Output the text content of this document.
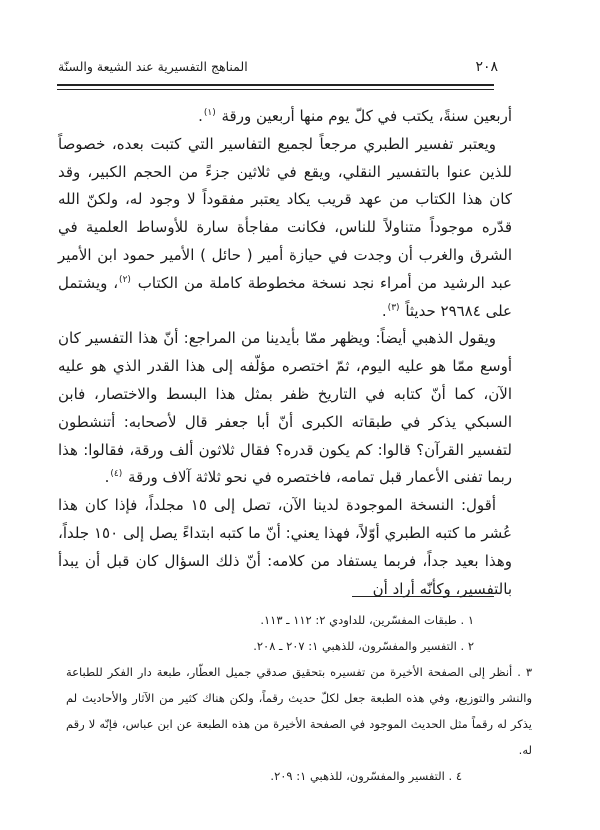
٢٠٨
المناهج التفسيرية عند الشيعة والسنّة

أربعين سنةً، يكتب في كلّ يوم منها أربعين ورقة $^{(١)}$.

ويعتبر تفسير الطبري مرجعاً لجميع التفاسير التي كتبت بعده، خصوصاً للذين عنوا بالتفسير النقلي، ويقع في ثلاثين جزءً من الحجم الكبير، وقد كان هذا الكتاب من عهد قريب يكاد يعتبر مفقوداً لا وجود له، ولكنّ الله قدّره موجوداً متناولاً للناس، فكانت مفاجأة سارة للأوساط العلمية في الشرق والغرب أن وجدت في حيازة أمير ( حائل ) الأمير حمود ابن الأمير عبد الرشيد من أمراء نجد نسخة مخطوطة كاملة من الكتاب $^{(٢)}$، ويشتمل على ٢٩٦٨٤ حديثاً $^{(٣)}$.

ويقول الذهبي أيضاً: ويظهر ممّا بأيدينا من المراجع: أنّ هذا التفسير كان أوسع ممّا هو عليه اليوم، ثمّ اختصره مؤلّفه إلى هذا القدر الذي هو عليه الآن، كما أنّ كتابه في التاريخ ظفر بمثل هذا البسط والاختصار، فابن السبكي يذكر في طبقاته الكبرى أنّ أبا جعفر قال لأصحابه: أتنشطون لتفسير القرآن؟ قالوا: كم يكون قدره؟ فقال ثلاثون ألف ورقة، فقالوا: هذا ربما تفنى الأعمار قبل تمامه، فاختصره في نحو ثلاثة آلاف ورقة $^{(٤)}$.

أقول: النسخة الموجودة لدينا الآن، تصل إلى ١٥ مجلداً، فإذا كان هذا عُشر ما كتبه الطبري أوّلاً، فهذا يعني: أنّ ما كتبه ابتداءً يصل إلى ١٥٠ جلداً، وهذا بعيد جداً، فربما يستفاد من كلامه: أنّ ذلك السؤال كان قبل أن يبدأ بالتفسير، وكأنّه أراد أن

١ . طبقات المفسّرين، للداودي ٢: ١١٢ ـ ١١٣.
٢ . التفسير والمفسّرون، للذهبي ١: ٢٠٧ ـ ٢٠٨.
٣ . أنظر إلى الصفحة الأخيرة من تفسيره بتحقيق صدقي جميل العطّار، طبعة دار الفكر للطباعة والنشر والتوزيع، وفي هذه الطبعة جعل لكلّ حديث رقماً، ولكن هناك كثير من الآثار والأحاديث لم يذكر له رقماً مثل الحديث الموجود في الصفحة الأخيرة من هذه الطبعة عن ابن عباس، فإنّه لا رقم له.
٤ . التفسير والمفسّرون، للذهبي ١: ٢٠٩.
